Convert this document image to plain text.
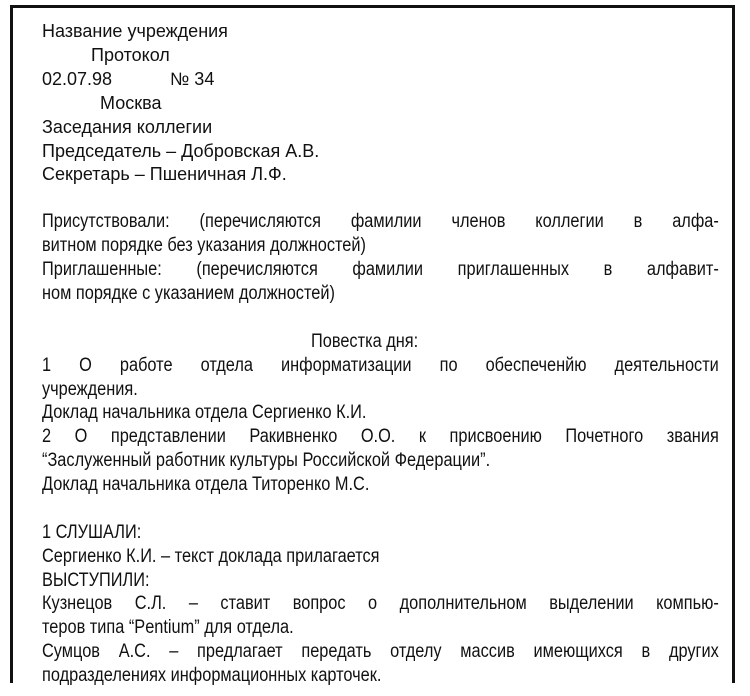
Название учреждения
Протокол
02.07.98	№ 34
Москва
Заседания коллегии
Председатель – Добровская А.В.
Секретарь – Пшеничная Л.Ф.
Присутствовали: (перечисляются фамилии членов коллегии в алфа-
витном порядке без указания должностей)
Приглашенные: (перечисляются фамилии приглашенных в алфавит-
ном порядке с указанием должностей)
Повестка дня:
1 О работе отдела информатизации по обеспеченйю деятельности
учреждения.
Доклад начальника отдела Сергиенко К.И.
2 О представлении Ракивненко О.О. к присвоению Почетного звания
“Заслуженный работник культуры Российской Федерации”.
Доклад начальника отдела Титоренко М.С.
1 СЛУШАЛИ:
Сергиенко К.И. – текст доклада прилагается
ВЫСТУПИЛИ:
Кузнецов С.Л. – ставит вопрос о дополнительном выделении компью-
теров типа “Pentium” для отдела.
Сумцов А.С. – предлагает передать отделу массив имеющихся в других
подразделениях информационных карточек.
